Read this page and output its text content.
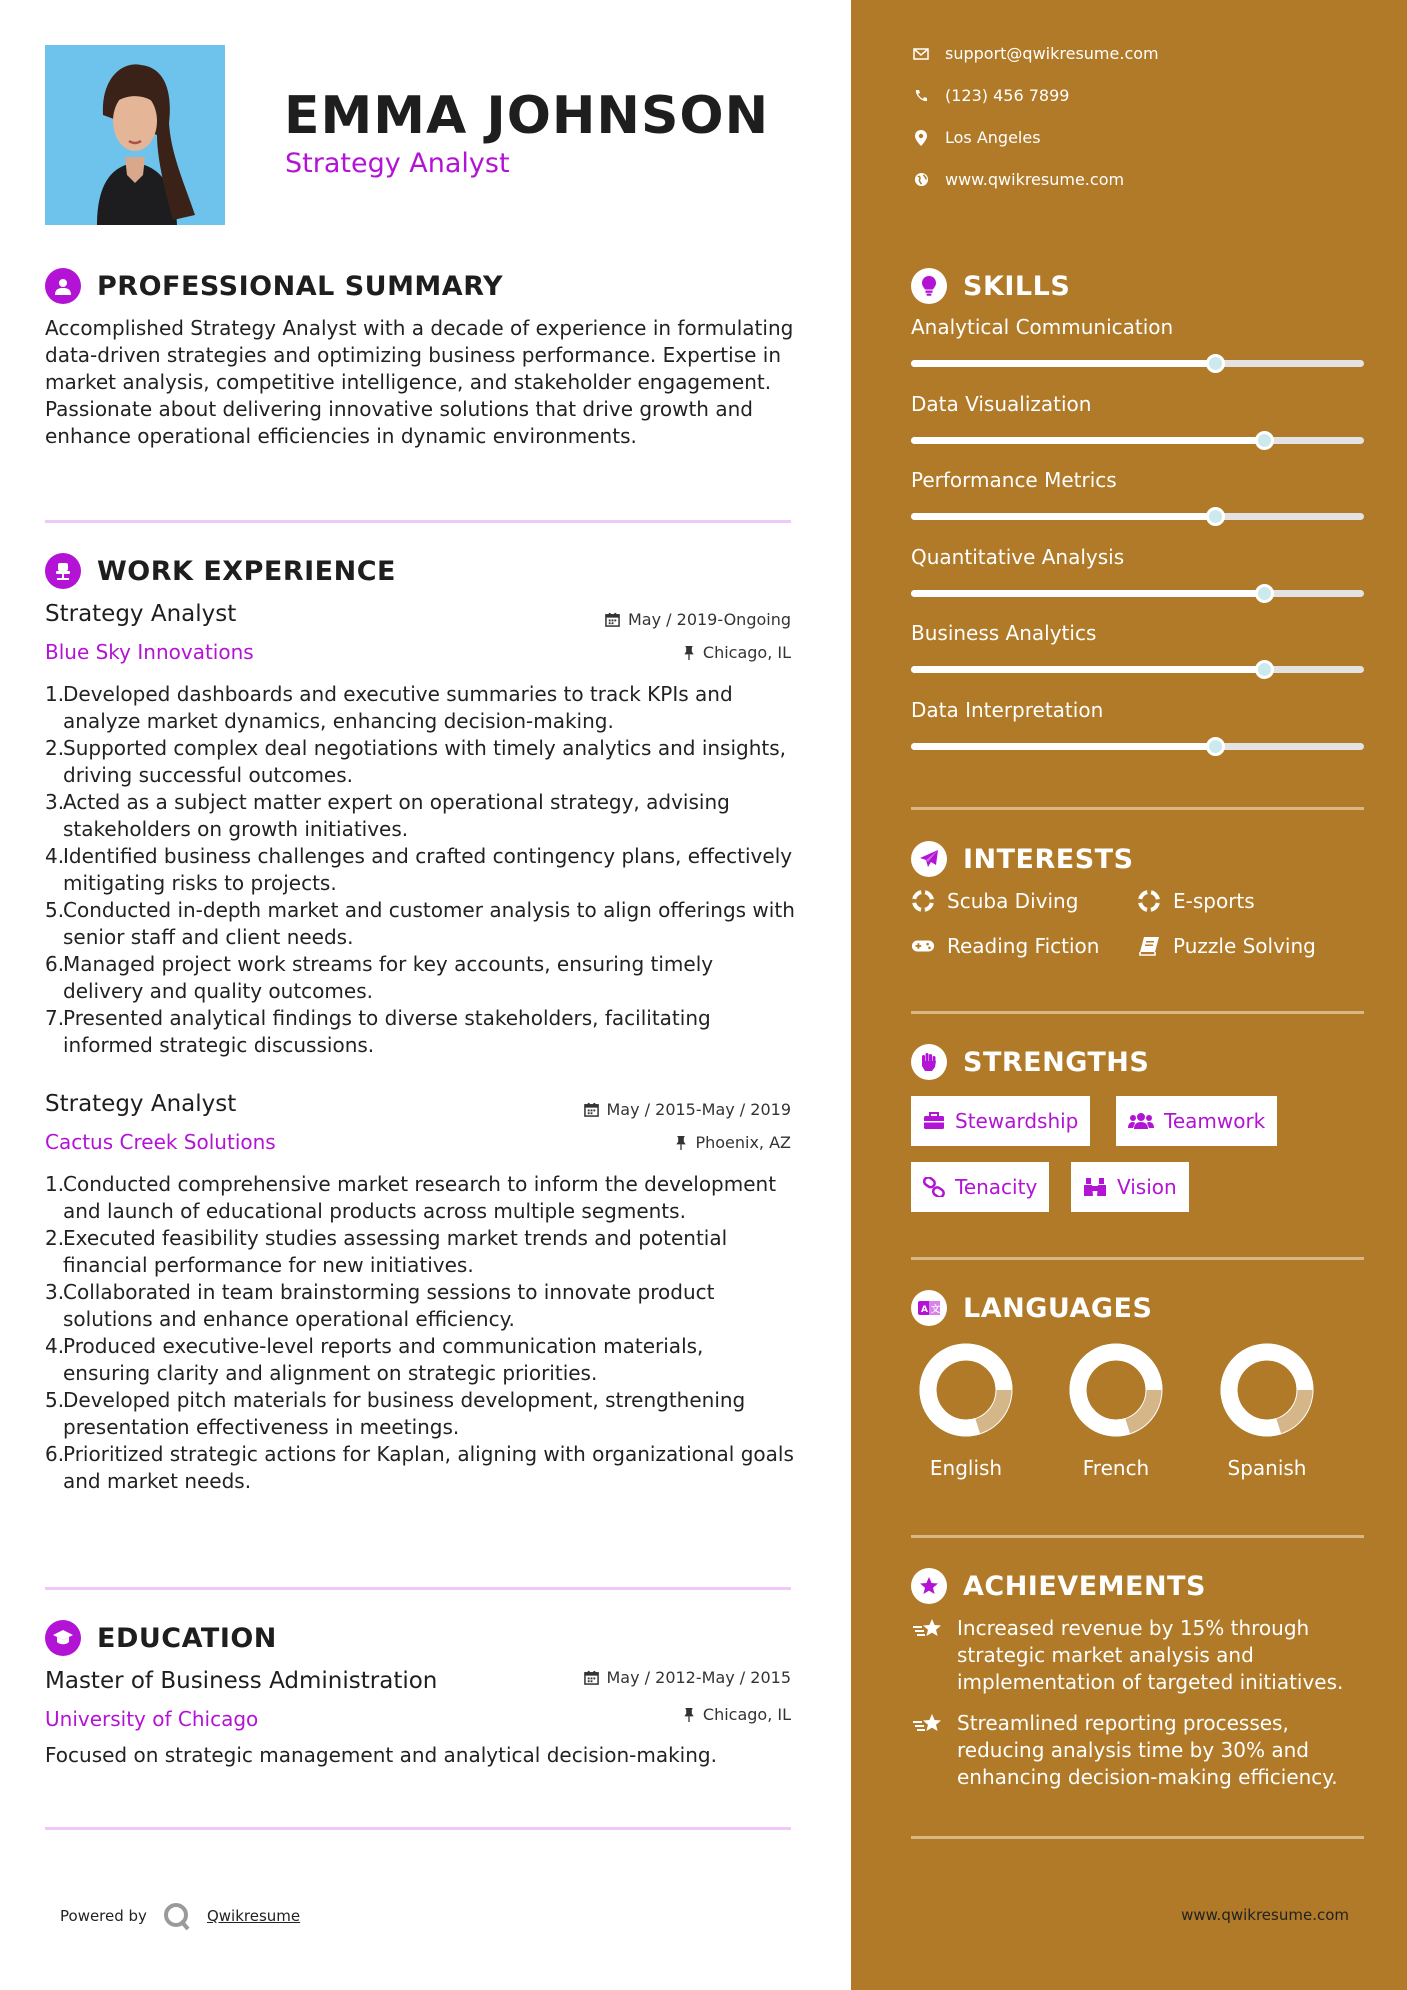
EMMA JOHNSON
Strategy Analyst
PROFESSIONAL SUMMARY
Accomplished Strategy Analyst with a decade of experience in formulating data-driven strategies and optimizing business performance. Expertise in market analysis, competitive intelligence, and stakeholder engagement. Passionate about delivering innovative solutions that drive growth and enhance operational efficiencies in dynamic environments.
WORK EXPERIENCE
Strategy Analyst	May / 2019-Ongoing
Blue Sky Innovations	Chicago, IL
1.
Developed dashboards and executive summaries to track KPIs and analyze market dynamics, enhancing decision-making.
2.
Supported complex deal negotiations with timely analytics and insights, driving successful outcomes.
3.
Acted as a subject matter expert on operational strategy, advising stakeholders on growth initiatives.
4.
Identified business challenges and crafted contingency plans, effectively mitigating risks to projects.
5.
Conducted in-depth market and customer analysis to align offerings with senior staff and client needs.
6.
Managed project work streams for key accounts, ensuring timely delivery and quality outcomes.
7.
Presented analytical findings to diverse stakeholders, facilitating informed strategic discussions.
Strategy Analyst	May / 2015-May / 2019
Cactus Creek Solutions	Phoenix, AZ
1.
Conducted comprehensive market research to inform the development and launch of educational products across multiple segments.
2.
Executed feasibility studies assessing market trends and potential financial performance for new initiatives.
3.
Collaborated in team brainstorming sessions to innovate product solutions and enhance operational efficiency.
4.
Produced executive-level reports and communication materials, ensuring clarity and alignment on strategic priorities.
5.
Developed pitch materials for business development, strengthening presentation effectiveness in meetings.
6.
Prioritized strategic actions for Kaplan, aligning with organizational goals and market needs.
EDUCATION
Master of Business Administration	May / 2012-May / 2015
University of Chicago	Chicago, IL
Focused on strategic management and analytical decision-making.
Powered by	Qwikresume
support@qwikresume.com
(123) 456 7899
Los Angeles
www.qwikresume.com
SKILLS
Analytical Communication
Data Visualization
Performance Metrics
Quantitative Analysis
Business Analytics
Data Interpretation
INTERESTS
Scuba Diving	E-sports
Reading Fiction	Puzzle Solving
STRENGTHS
Stewardship	Teamwork
Tenacity	Vision
A 文 LANGUAGES
English	French	Spanish
ACHIEVEMENTS
Increased revenue by 15% through strategic market analysis and implementation of targeted initiatives.
Streamlined reporting processes, reducing analysis time by 30% and enhancing decision-making efficiency.
www.qwikresume.com
